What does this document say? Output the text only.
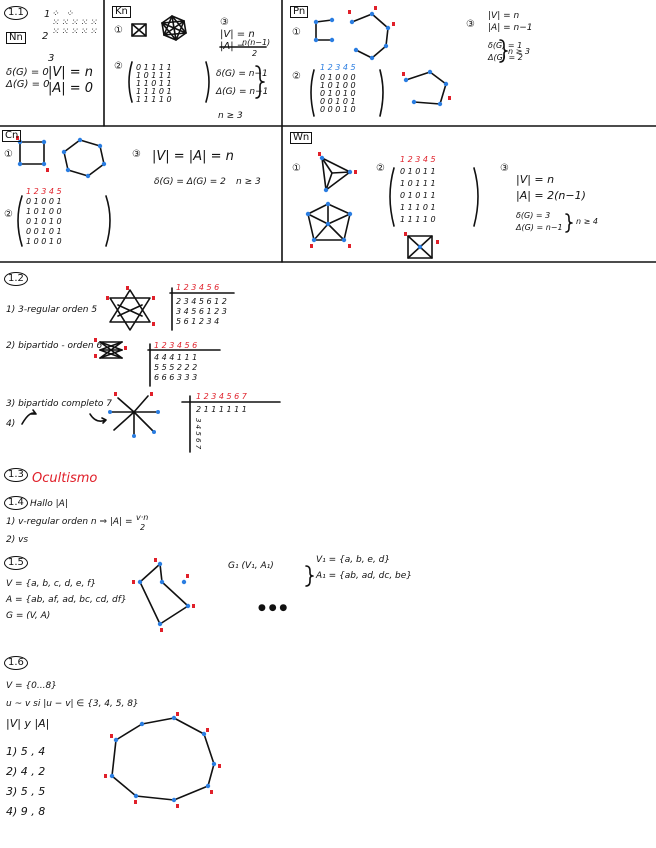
1.1
Nn
1
2
3
⁘ ⁘
⁙⁙⁙⁙⁙
⁙⁙⁙⁙⁙
δ(G) = 0
Δ(G) = 0
|V| = n
|A| = 0
Kn
①
②
③
0 1 1 1 1
1 0 1 1 1
1 1 0 1 1
1 1 1 0 1
1 1 1 1 0
|V| = n
|A| =
n(n−1)
2
δ(G) = n−1
Δ(G) = n−1
n ≥ 3
Pn
①
②
③
1 2 3 4 5
0 1 0 0 0
1 0 1 0 0
0 1 0 1 0
0 0 1 0 1
0 0 0 1 0
|V| = n
|A| = n−1
δ(G) = 1
Δ(G) = 2
n ≥ 3
Cn
①
②
③
1 2 3 4 5
0 1 0 0 1
1 0 1 0 0
0 1 0 1 0
0 0 1 0 1
1 0 0 1 0
|V| = |A| = n
δ(G) = Δ(G) = 2 n ≥ 3
Wn
①	②	③
1 2 3 4 5
0 1 0 1 1
1 0 1 1 1
0 1 0 1 1
1 1 1 0 1
1 1 1 1 0
|V| = n
|A| = 2(n−1)
δ(G) = 3
Δ(G) = n−1
n ≥ 4
1.2
1) 3-regular orden 5
1 2 3 4 5 6
2 3 4 5 6 1 2
3 4 5 6 1 2 3
5 6 1 2 3 4
2) bipartido - orden 6	1 2 3 4 5 6
4 4 4 1 1 1
5 5 5 2 2 2
6 6 6 3 3 3
3) bipartido completo 7
4)
1 2 3 4 5 6 7
2 1 1 1 1 1 1
3 4 5 6 7
1.3 Ocultismo
1.4 Hallo |A|
1) v-regular orden n ⇒ |A| = v·n
2
2) vs
1.5
V = {a, b, c, d, e, f}
A = {ab, af, ad, bc, cd, df}
G = (V, A)
G₁ (V₁, A₁)
V₁ = {a, b, e, d}
A₁ = {ab, ad, dc, be}
● ● ●
1.6
V = {0...8}
u ~ v si |u − v| ∈ {3, 4, 5, 8}
|V| y |A|
1) 5 , 4
2) 4 , 2
3) 5 , 5
4) 9 , 8
